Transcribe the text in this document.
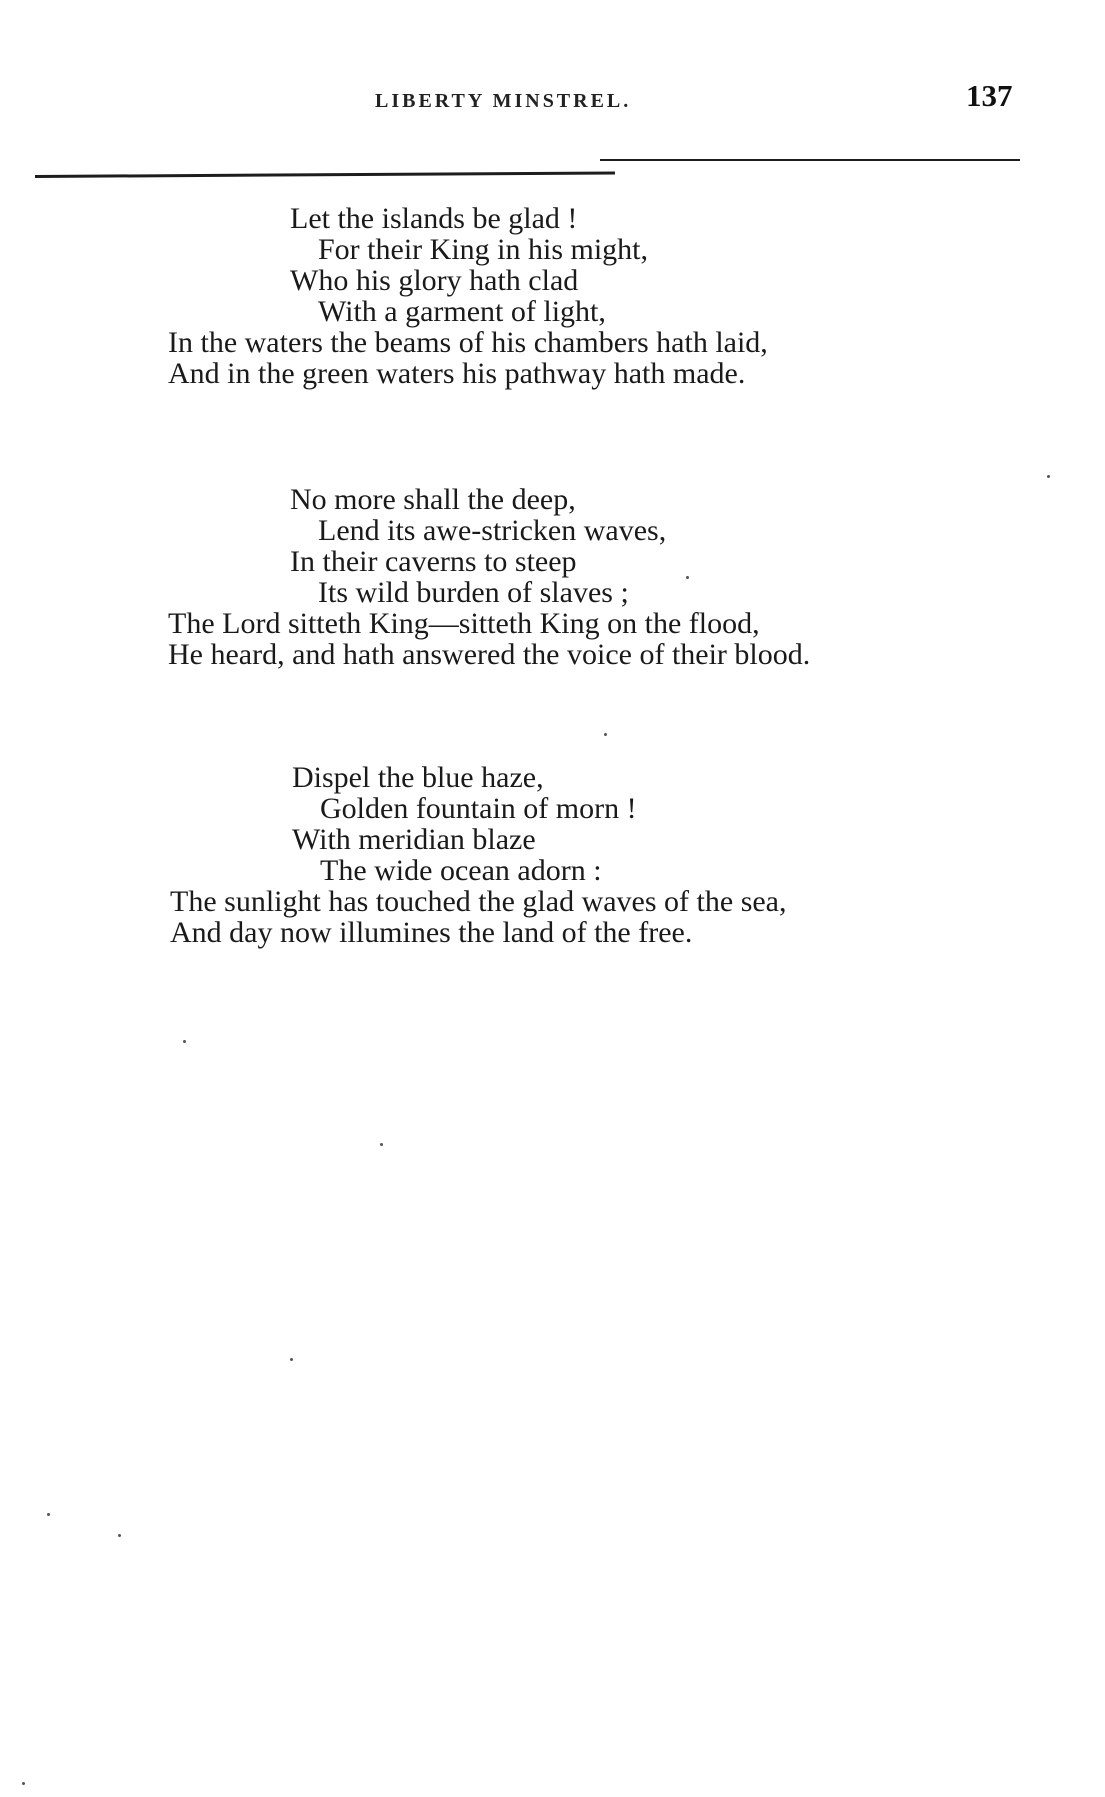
LIBERTY MINSTREL.	137
Let the islands be glad !
For their King in his might,
Who his glory hath clad
With a garment of light,
In the waters the beams of his chambers hath laid,
And in the green waters his pathway hath made.
No more shall the deep,
Lend its awe-stricken waves,
In their caverns to steep
Its wild burden of slaves ;
The Lord sitteth King—sitteth King on the flood,
He heard, and hath answered the voice of their blood.
Dispel the blue haze,
Golden fountain of morn !
With meridian blaze
The wide ocean adorn :
The sunlight has touched the glad waves of the sea,
And day now illumines the land of the free.
